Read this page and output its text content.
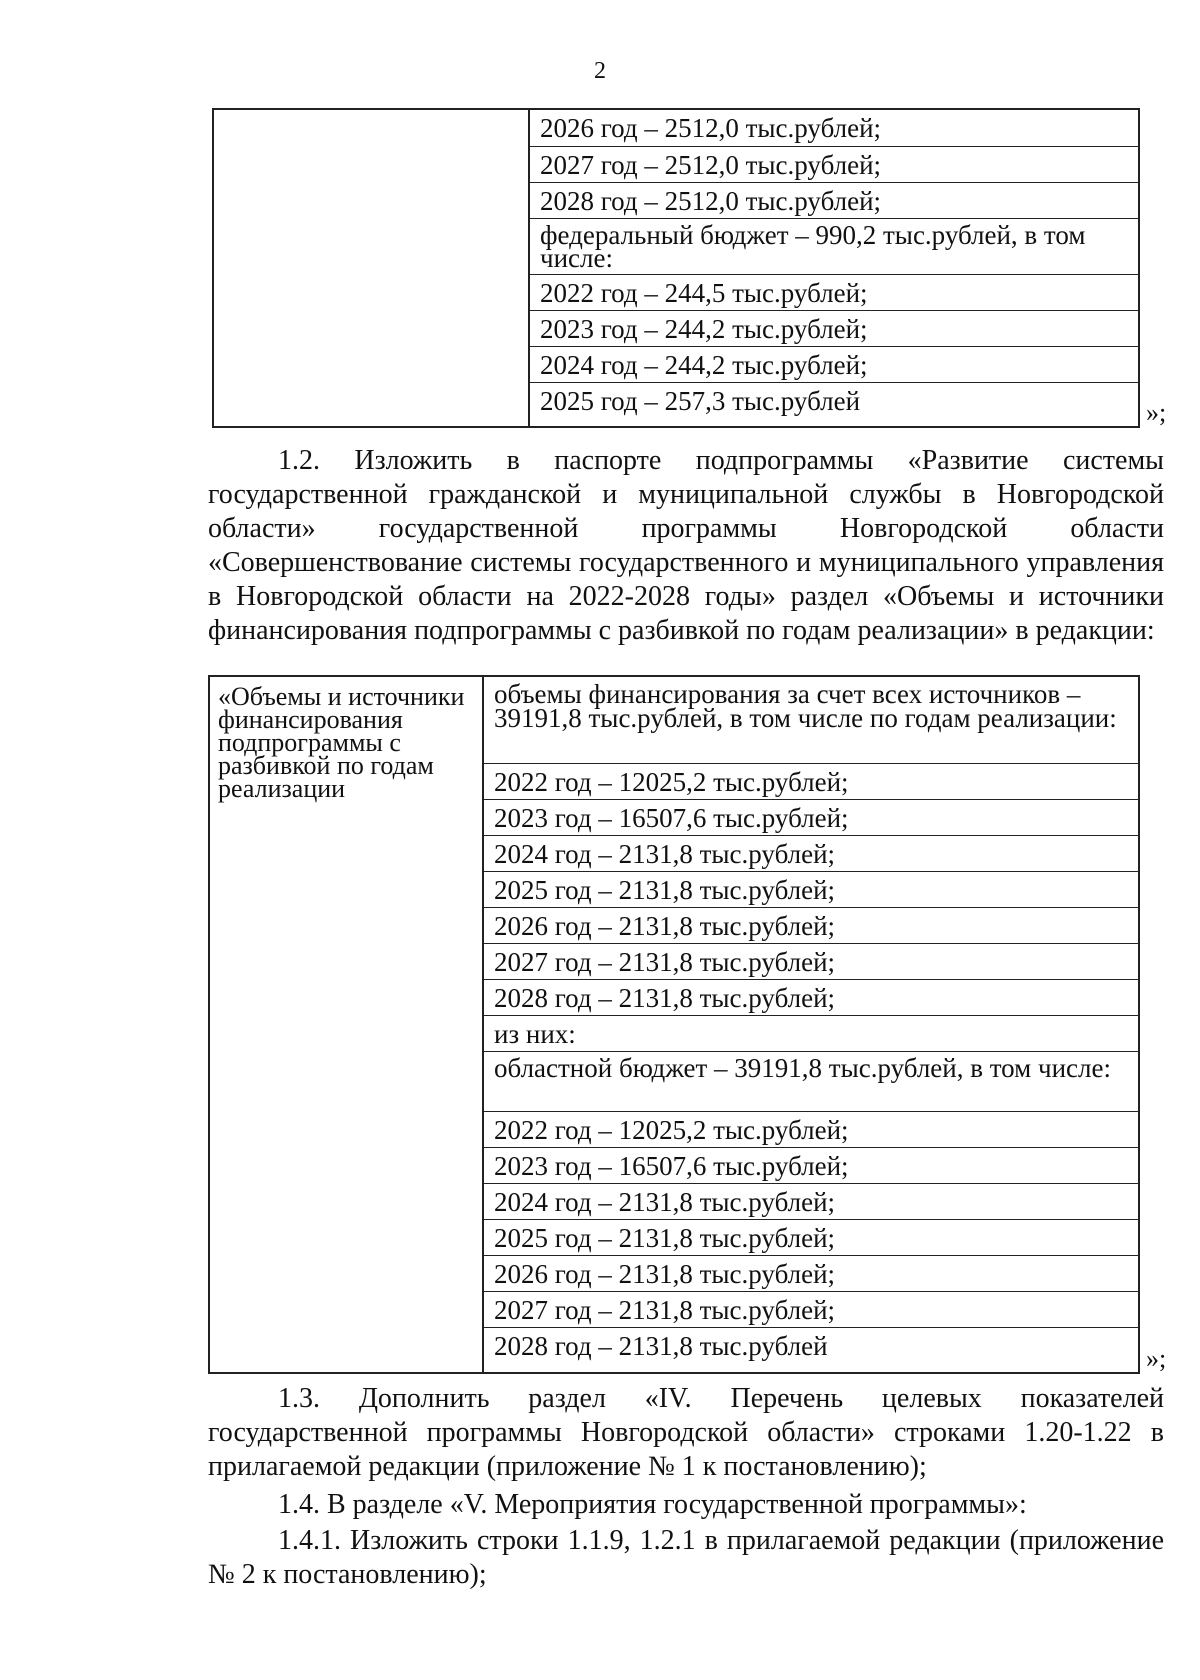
2
2026 год – 2512,0 тыс.рублей;
2027 год – 2512,0 тыс.рублей;
2028 год – 2512,0 тыс.рублей;
федеральный бюджет – 990,2 тыс.рублей, в том числе:
2022 год – 244,5 тыс.рублей;
2023 год – 244,2 тыс.рублей;
2024 год – 244,2 тыс.рублей;
2025 год – 257,3 тыс.рублей	»;
1.2. Изложить в паспорте подпрограммы «Развитие системы государственной гражданской и муниципальной службы в Новгородской области» государственной программы Новгородской области «Совершенствование системы государственного и муниципального управления в Новгородской области на 2022-2028 годы» раздел «Объемы и источники финансирования подпрограммы с разбивкой по годам реализации» в редакции:
«Объемы и источники финансирования подпрограммы с разбивкой по годам реализации
объемы финансирования за счет всех источников – 39191,8 тыс.рублей, в том числе по годам реализации:
2022 год – 12025,2 тыс.рублей;
2023 год – 16507,6 тыс.рублей;
2024 год – 2131,8 тыс.рублей;
2025 год – 2131,8 тыс.рублей;
2026 год – 2131,8 тыс.рублей;
2027 год – 2131,8 тыс.рублей;
2028 год – 2131,8 тыс.рублей;
из них:
областной бюджет – 39191,8 тыс.рублей, в том числе:
2022 год – 12025,2 тыс.рублей;
2023 год – 16507,6 тыс.рублей;
2024 год – 2131,8 тыс.рублей;
2025 год – 2131,8 тыс.рублей;
2026 год – 2131,8 тыс.рублей;
2027 год – 2131,8 тыс.рублей;
2028 год – 2131,8 тыс.рублей	»;
1.3. Дополнить раздел «IV. Перечень целевых показателей государственной программы Новгородской области» строками 1.20-1.22 в прилагаемой редакции (приложение № 1 к постановлению);
1.4. В разделе «V. Мероприятия государственной программы»:
1.4.1. Изложить строки 1.1.9, 1.2.1 в прилагаемой редакции (приложение № 2 к постановлению);
